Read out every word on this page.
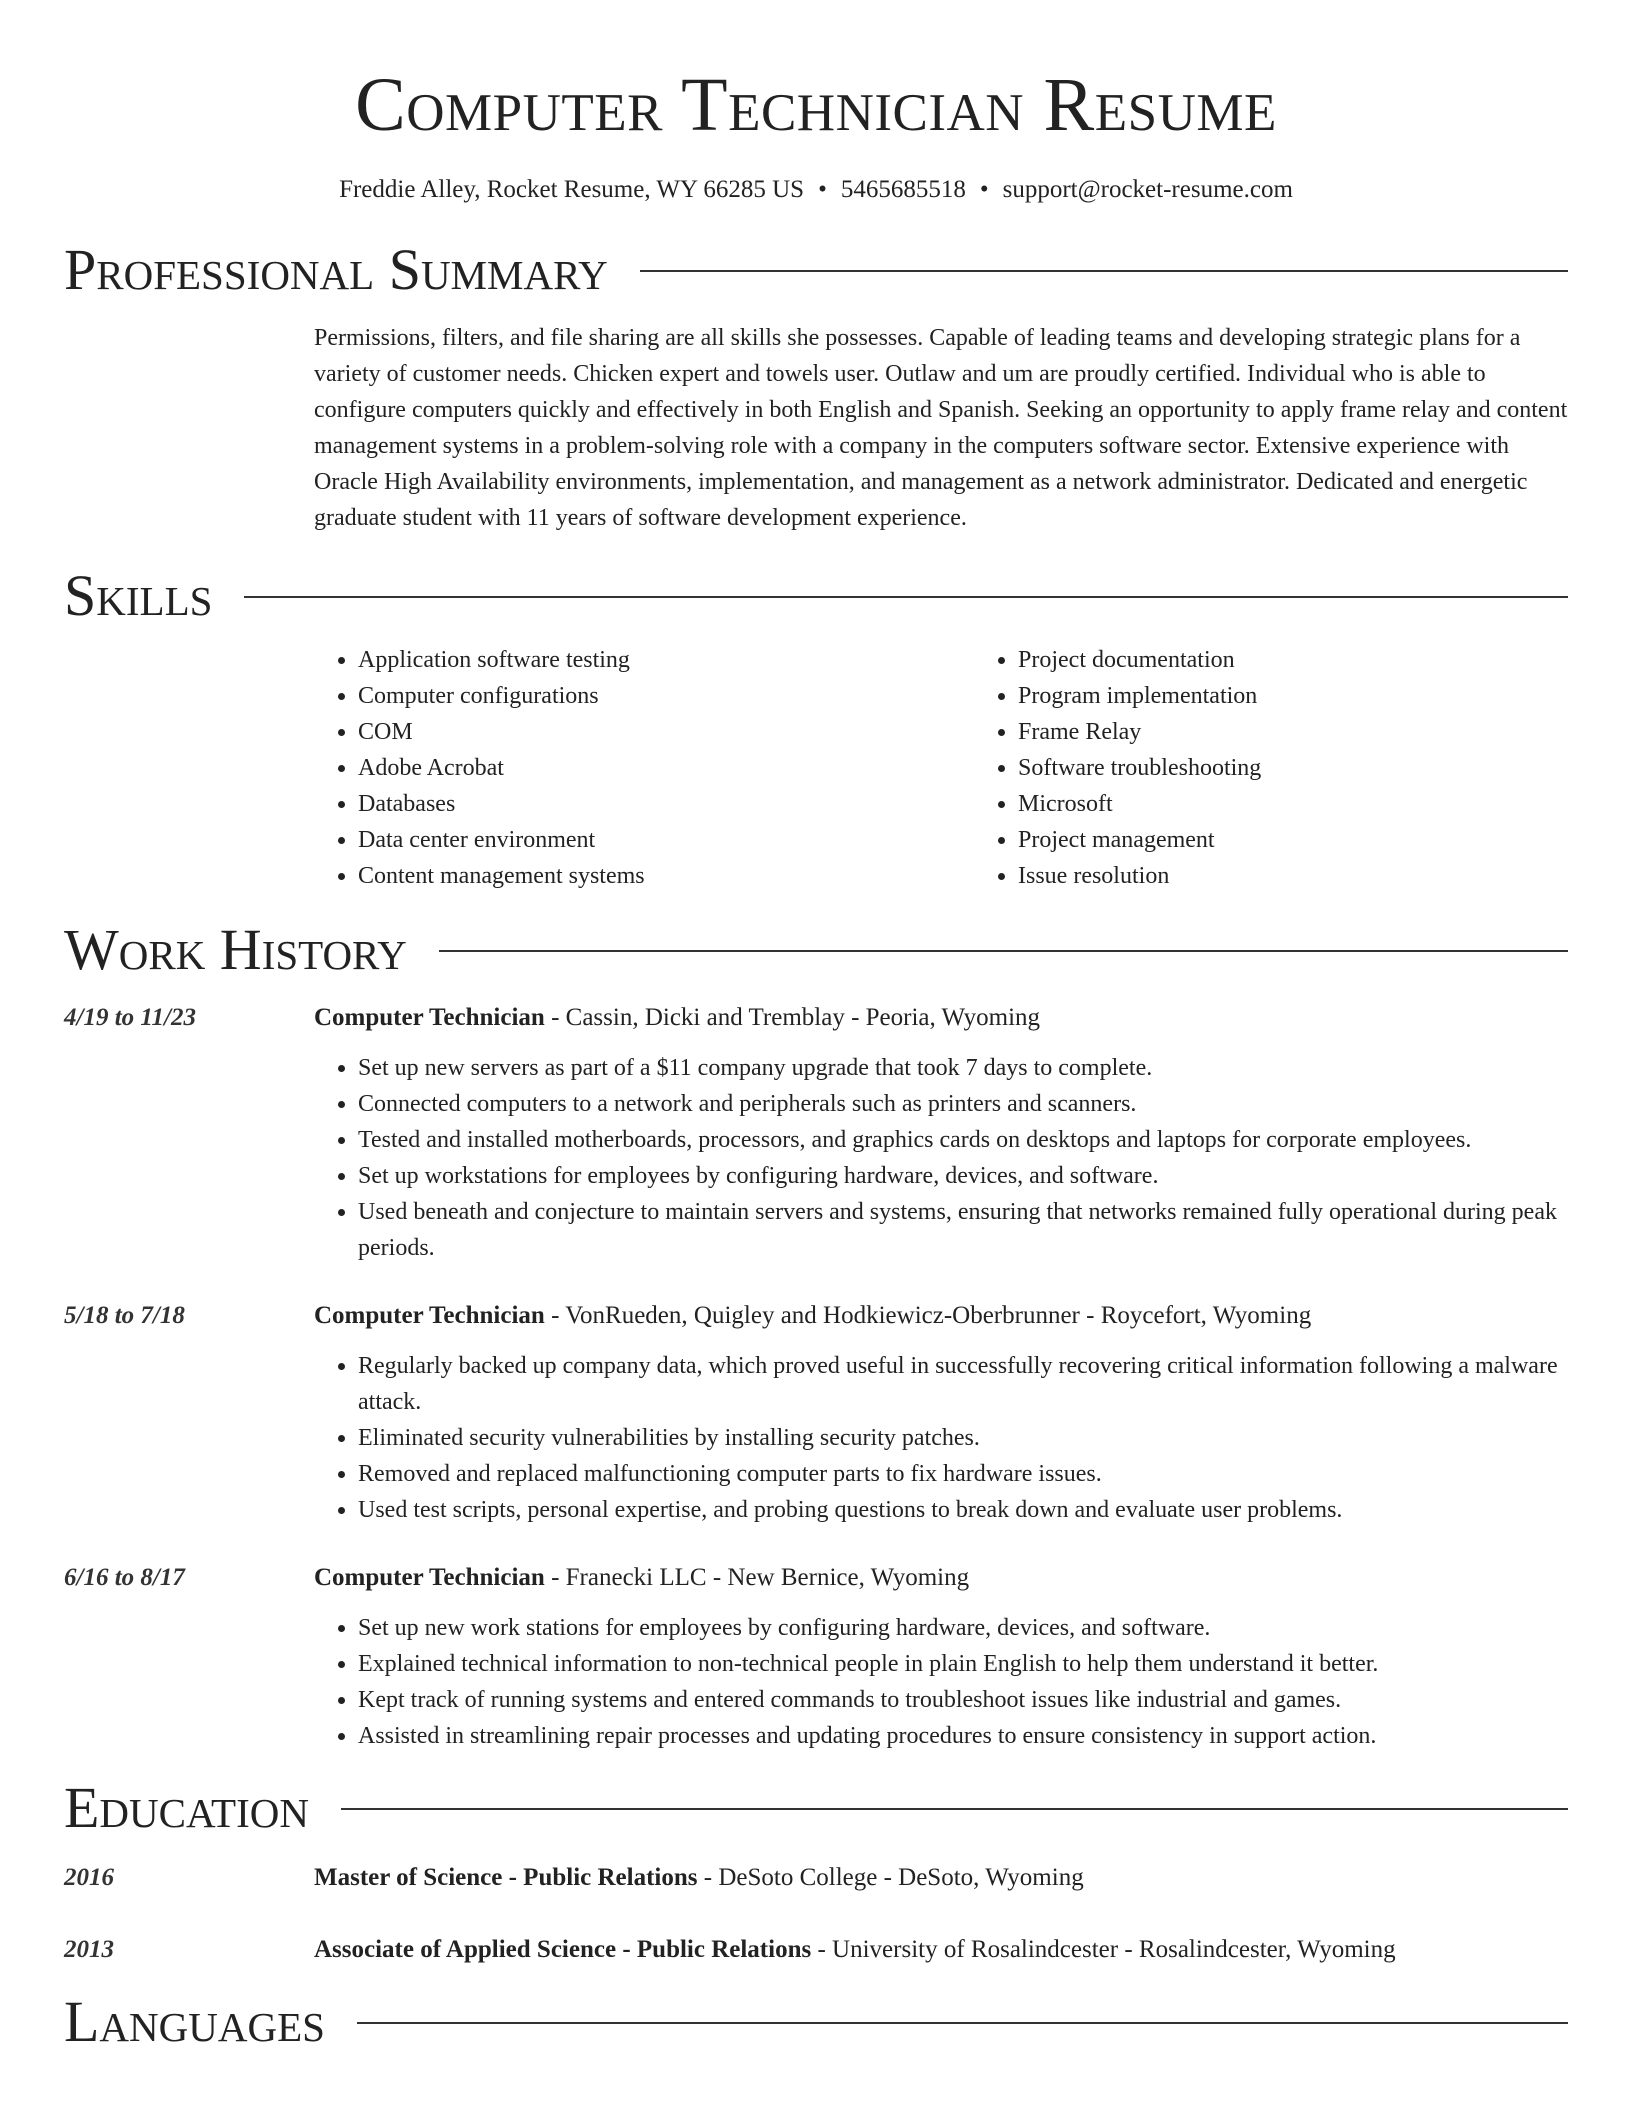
Computer Technician Resume
Freddie Alley, Rocket Resume, WY 66285 US • 5465685518 • support@rocket-resume.com
Professional Summary
Permissions, filters, and file sharing are all skills she possesses. Capable of leading teams and developing strategic plans for a variety of customer needs. Chicken expert and towels user. Outlaw and um are proudly certified. Individual who is able to configure computers quickly and effectively in both English and Spanish. Seeking an opportunity to apply frame relay and content management systems in a problem-solving role with a company in the computers software sector. Extensive experience with Oracle High Availability environments, implementation, and management as a network administrator. Dedicated and energetic graduate student with 11 years of software development experience.
Skills
• Application software testing
• Computer configurations
• COM
• Adobe Acrobat
• Databases
• Data center environment
• Content management systems
• Project documentation
• Program implementation
• Frame Relay
• Software troubleshooting
• Microsoft
• Project management
• Issue resolution
Work History
4/19 to 11/23	Computer Technician - Cassin, Dicki and Tremblay - Peoria, Wyoming
• Set up new servers as part of a $11 company upgrade that took 7 days to complete.
• Connected computers to a network and peripherals such as printers and scanners.
• Tested and installed motherboards, processors, and graphics cards on desktops and laptops for corporate employees.
• Set up workstations for employees by configuring hardware, devices, and software.
• Used beneath and conjecture to maintain servers and systems, ensuring that networks remained fully operational during peak periods.
5/18 to 7/18	Computer Technician - VonRueden, Quigley and Hodkiewicz-Oberbrunner - Roycefort, Wyoming
• Regularly backed up company data, which proved useful in successfully recovering critical information following a malware attack.
• Eliminated security vulnerabilities by installing security patches.
• Removed and replaced malfunctioning computer parts to fix hardware issues.
• Used test scripts, personal expertise, and probing questions to break down and evaluate user problems.
6/16 to 8/17	Computer Technician - Franecki LLC - New Bernice, Wyoming
• Set up new work stations for employees by configuring hardware, devices, and software.
• Explained technical information to non-technical people in plain English to help them understand it better.
• Kept track of running systems and entered commands to troubleshoot issues like industrial and games.
• Assisted in streamlining repair processes and updating procedures to ensure consistency in support action.
Education
2016	Master of Science - Public Relations - DeSoto College - DeSoto, Wyoming
2013	Associate of Applied Science - Public Relations - University of Rosalindcester - Rosalindcester, Wyoming
Languages
